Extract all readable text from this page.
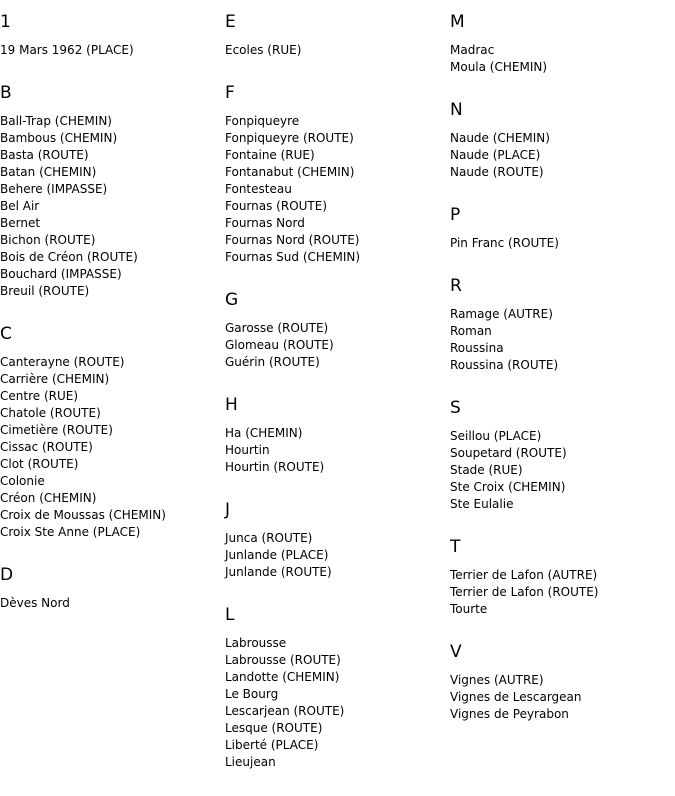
1
19 Mars 1962 (PLACE)
B
Ball-Trap (CHEMIN)
Bambous (CHEMIN)
Basta (ROUTE)
Batan (CHEMIN)
Behere (IMPASSE)
Bel Air
Bernet
Bichon (ROUTE)
Bois de Créon (ROUTE)
Bouchard (IMPASSE)
Breuil (ROUTE)
C
Canterayne (ROUTE)
Carrière (CHEMIN)
Centre (RUE)
Chatole (ROUTE)
Cimetière (ROUTE)
Cissac (ROUTE)
Clot (ROUTE)
Colonie
Créon (CHEMIN)
Croix de Moussas (CHEMIN)
Croix Ste Anne (PLACE)
D
Dèves Nord
E
Ecoles (RUE)
F
Fonpiqueyre
Fonpiqueyre (ROUTE)
Fontaine (RUE)
Fontanabut (CHEMIN)
Fontesteau
Fournas (ROUTE)
Fournas Nord
Fournas Nord (ROUTE)
Fournas Sud (CHEMIN)
G
Garosse (ROUTE)
Glomeau (ROUTE)
Guérin (ROUTE)
H
Ha (CHEMIN)
Hourtin
Hourtin (ROUTE)
J
Junca (ROUTE)
Junlande (PLACE)
Junlande (ROUTE)
L
Labrousse
Labrousse (ROUTE)
Landotte (CHEMIN)
Le Bourg
Lescarjean (ROUTE)
Lesque (ROUTE)
Liberté (PLACE)
Lieujean
M
Madrac
Moula (CHEMIN)
N
Naude (CHEMIN)
Naude (PLACE)
Naude (ROUTE)
P
Pin Franc (ROUTE)
R
Ramage (AUTRE)
Roman
Roussina
Roussina (ROUTE)
S
Seillou (PLACE)
Soupetard (ROUTE)
Stade (RUE)
Ste Croix (CHEMIN)
Ste Eulalie
T
Terrier de Lafon (AUTRE)
Terrier de Lafon (ROUTE)
Tourte
V
Vignes (AUTRE)
Vignes de Lescargean
Vignes de Peyrabon
